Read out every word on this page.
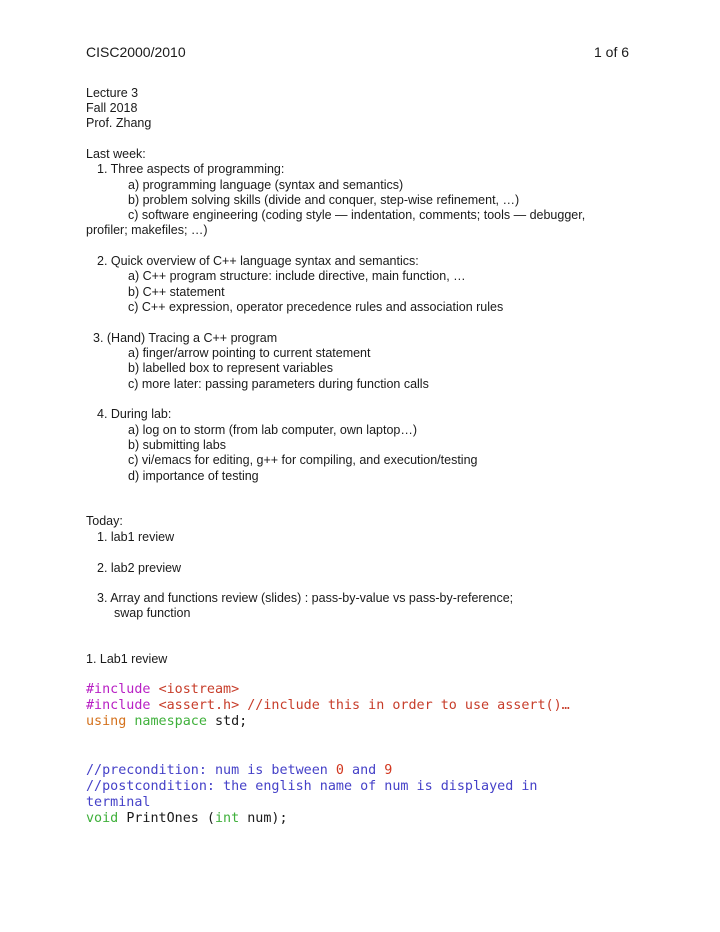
CISC2000/2010	1 of 6
Lecture 3
Fall 2018
Prof. Zhang
Last week:
1. Three aspects of programming:
a) programming language (syntax and semantics)
b) problem solving skills (divide and conquer, step-wise refinement, …)
c) software engineering (coding style — indentation, comments; tools — debugger,
profiler; makefiles; …)
2. Quick overview of C++ language syntax and semantics:
a) C++ program structure: include directive, main function, …
b) C++ statement
c) C++ expression, operator precedence rules and association rules
3. (Hand) Tracing a C++ program
a) finger/arrow pointing to current statement
b) labelled box to represent variables
c) more later: passing parameters during function calls
4. During lab:
a) log on to storm (from lab computer, own laptop…)
b) submitting labs
c) vi/emacs for editing, g++ for compiling, and execution/testing
d) importance of testing
Today:
1. lab1 review
2. lab2 preview
3. Array and functions review (slides) : pass-by-value vs pass-by-reference;
swap function
1. Lab1 review
#include <iostream>
#include <assert.h> //include this in order to use assert()…
using namespace std;
//precondition: num is between 0 and 9
//postcondition: the english name of num is displayed in
terminal
void PrintOnes (int num);
